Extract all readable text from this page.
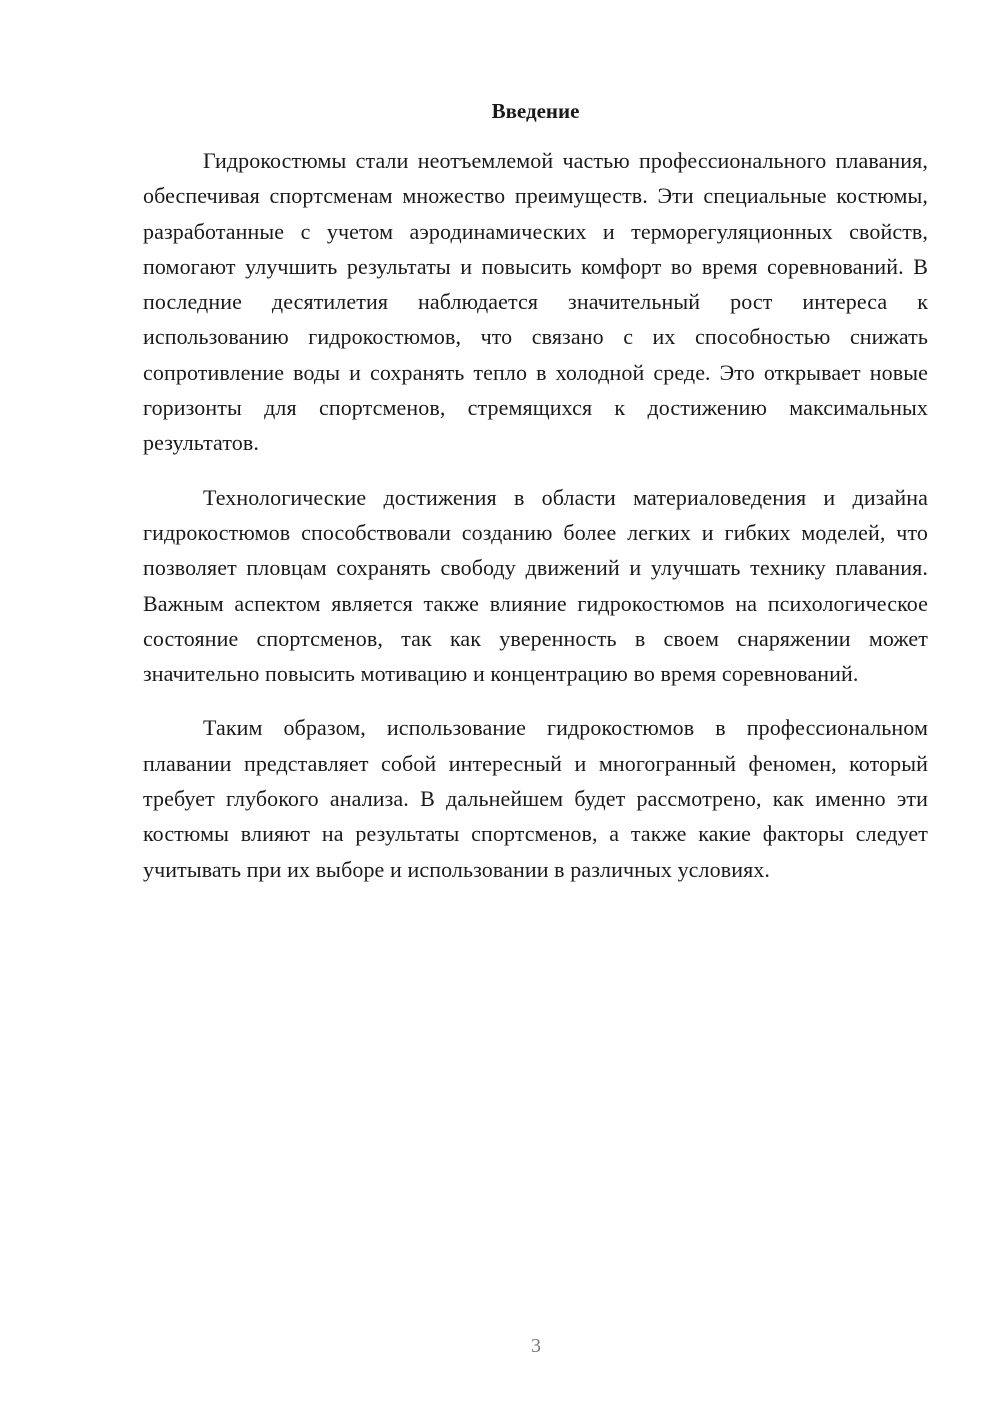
Введение

Гидрокостюмы стали неотъемлемой частью профессионального плавания, обеспечивая спортсменам множество преимуществ. Эти специальные костюмы, разработанные с учетом аэродинамических и терморегуляционных свойств, помогают улучшить результаты и повысить комфорт во время соревнований. В последние десятилетия наблюдается значительный рост интереса к использованию гидрокостюмов, что связано с их способностью снижать сопротивление воды и сохранять тепло в холодной среде. Это открывает новые горизонты для спортсменов, стремящихся к достижению максимальных результатов.

Технологические достижения в области материаловедения и дизайна гидрокостюмов способствовали созданию более легких и гибких моделей, что позволяет пловцам сохранять свободу движений и улучшать технику плавания. Важным аспектом является также влияние гидрокостюмов на психологическое состояние спортсменов, так как уверенность в своем снаряжении может значительно повысить мотивацию и концентрацию во время соревнований.

Таким образом, использование гидрокостюмов в профессиональном плавании представляет собой интересный и многогранный феномен, который требует глубокого анализа. В дальнейшем будет рассмотрено, как именно эти костюмы влияют на результаты спортсменов, а также какие факторы следует учитывать при их выборе и использовании в различных условиях.

3
